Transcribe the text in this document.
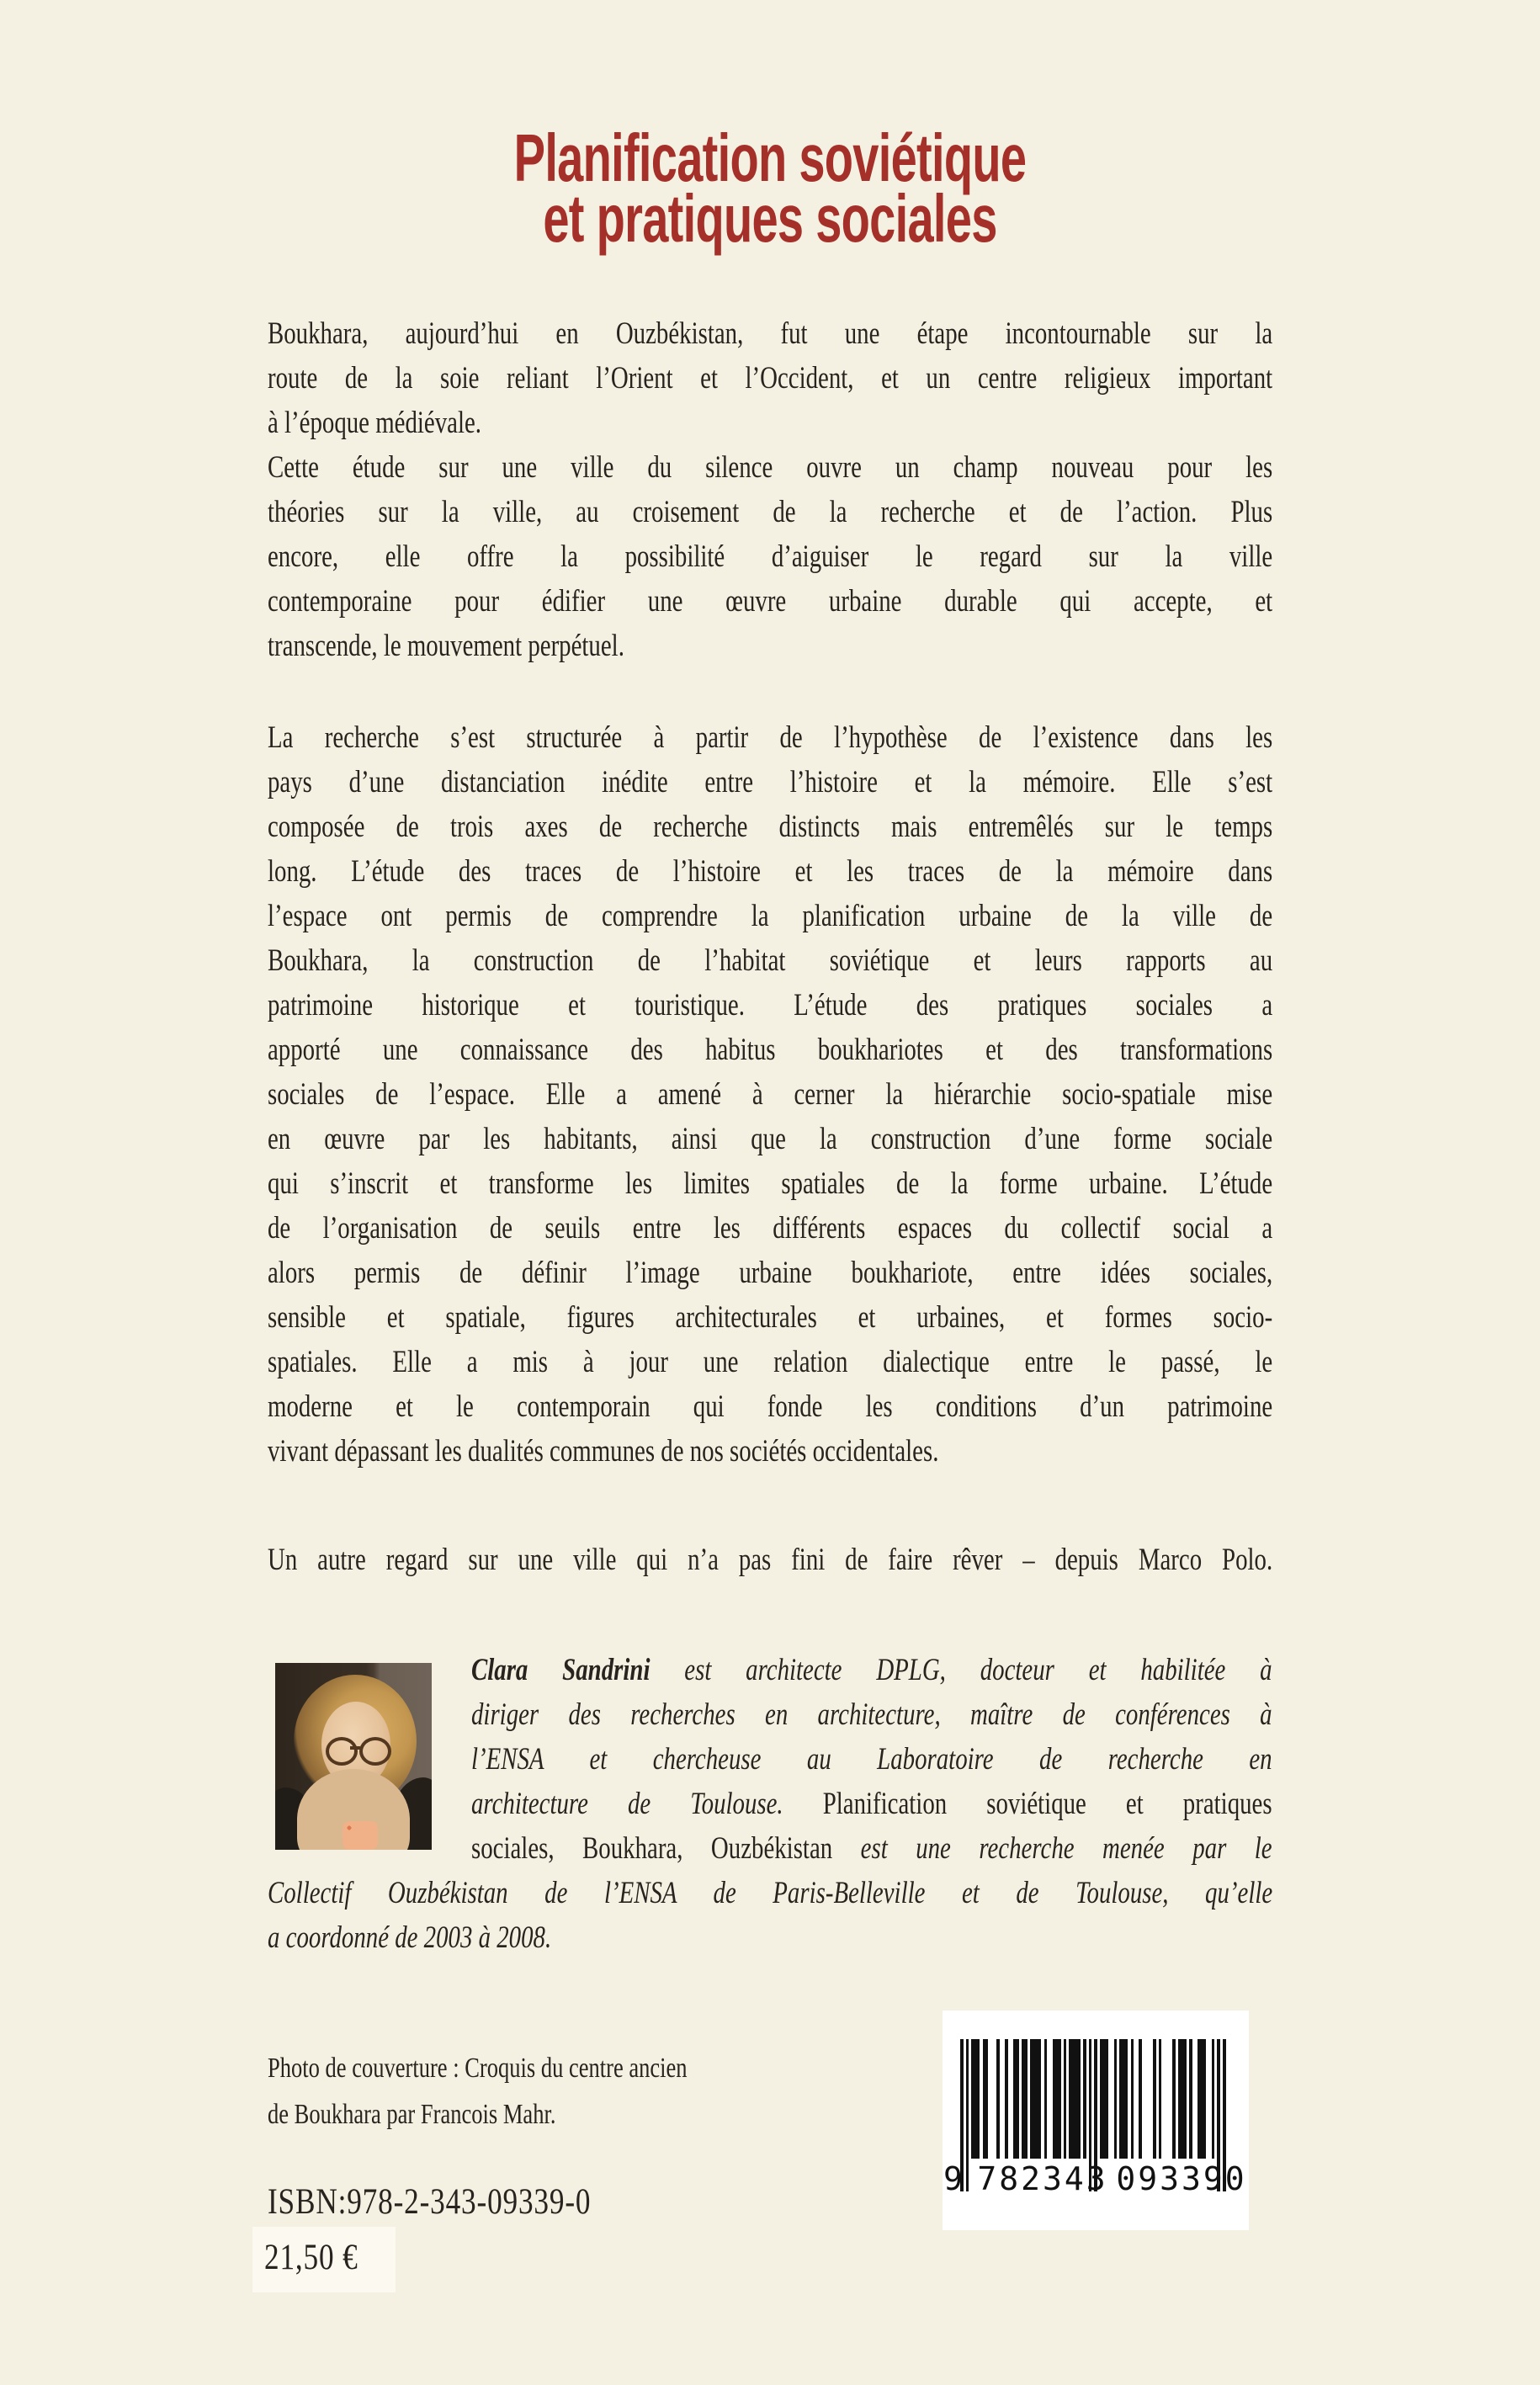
Planification soviétique
et pratiques sociales
Boukhara, aujourd’hui en Ouzbékistan, fut une étape incontournable sur la
route de la soie reliant l’Orient et l’Occident, et un centre religieux important
à l’époque médiévale.
Cette étude sur une ville du silence ouvre un champ nouveau pour les
théories sur la ville, au croisement de la recherche et de l’action. Plus
encore, elle offre la possibilité d’aiguiser le regard sur la ville
contemporaine pour édifier une œuvre urbaine durable qui accepte, et
transcende, le mouvement perpétuel.
La recherche s’est structurée à partir de l’hypothèse de l’existence dans les
pays d’une distanciation inédite entre l’histoire et la mémoire. Elle s’est
composée de trois axes de recherche distincts mais entremêlés sur le temps
long. L’étude des traces de l’histoire et les traces de la mémoire dans
l’espace ont permis de comprendre la planification urbaine de la ville de
Boukhara, la construction de l’habitat soviétique et leurs rapports au
patrimoine historique et touristique. L’étude des pratiques sociales a
apporté une connaissance des habitus boukhariotes et des transformations
sociales de l’espace. Elle a amené à cerner la hiérarchie socio-spatiale mise
en œuvre par les habitants, ainsi que la construction d’une forme sociale
qui s’inscrit et transforme les limites spatiales de la forme urbaine. L’étude
de l’organisation de seuils entre les différents espaces du collectif social a
alors permis de définir l’image urbaine boukhariote, entre idées sociales,
sensible et spatiale, figures architecturales et urbaines, et formes socio-
spatiales. Elle a mis à jour une relation dialectique entre le passé, le
moderne et le contemporain qui fonde les conditions d’un patrimoine
vivant dépassant les dualités communes de nos sociétés occidentales.
Un autre regard sur une ville qui n’a pas fini de faire rêver – depuis Marco Polo.
Clara Sandrini est architecte DPLG, docteur et habilitée à
diriger des recherches en architecture, maître de conférences à
l’ENSA et chercheuse au Laboratoire de recherche en
architecture de Toulouse. Planification soviétique et pratiques
sociales, Boukhara, Ouzbékistan est une recherche menée par le
Collectif Ouzbékistan de l’ENSA de Paris-Belleville et de Toulouse, qu’elle
a coordonné de 2003 à 2008.
Photo de couverture : Croquis du centre ancien
de Boukhara par Francois Mahr.
ISBN:978-2-343-09339-0
21,50 €
9 782343 093390
